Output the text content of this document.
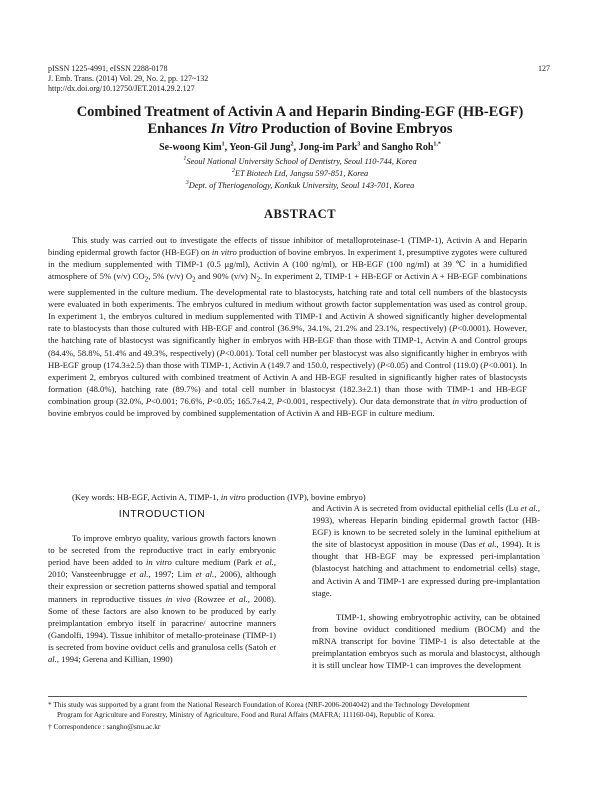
pISSN 1225-4991, eISSN 2288-0178
J. Emb. Trans. (2014) Vol. 29, No. 2, pp. 127~132
http://dx.doi.org/10.12750/JET.2014.29.2.127
127
Combined Treatment of Activin A and Heparin Binding-EGF (HB-EGF)
Enhances In Vitro Production of Bovine Embryos
Se-woong Kim$^1$, Yeon-Gil Jung$^2$, Jong-im Park$^3$ and Sangho Roh$^{1,*}$
$^1$Seoul National University School of Dentistry, Seoul 110-744, Korea
$^2$ET Biotech Ltd, Jangsu 597-851, Korea
$^3$Dept. of Theriogenology, Konkuk University, Seoul 143-701, Korea
ABSTRACT

This study was carried out to investigate the effects of tissue inhibitor of metalloproteinase-1 (TIMP-1), Activin A and Heparin binding epidermal growth factor (HB-EGF) on in vitro production of bovine embryos. In experiment 1, presumptive zygotes were cultured in the medium supplemented with TIMP-1 (0.5 μg/ml), Activin A (100 ng/ml), or HB-EGF (100 ng/ml) at 39 ℃ in a humidified atmosphere of 5% (v/v) $CO_2$, 5% (v/v) $O_2$ and 90% (v/v) $N_2$. In experiment 2, TIMP-1 + HB-EGF or Activin A + HB-EGF combinations were supplemented in the culture medium. The developmental rate to blastocysts, hatching rate and total cell numbers of the blastocysts were evaluated in both experiments. The embryos cultured in medium without growth factor supplementation was used as control group. In experiment 1, the embryos cultured in medium supplemented with TIMP-1 and Activin A showed significantly higher developmental rate to blastocysts than those cultured with HB-EGF and control (36.9%, 34.1%, 21.2% and 23.1%, respectively) (P<0.0001). However, the hatching rate of blastocyst was significantly higher in embryos with HB-EGF than those with TIMP-1, Actvin A and Control groups (84.4%, 58.8%, 51.4% and 49.3%, respectively) (P<0.001). Total cell number per blastocyst was also significantly higher in embryos with HB-EGF group (174.3±2.5) than those with TIMP-1, Activin A (149.7 and 150.0, respectively) (P<0.05) and Control (119.0) (P<0.001). In experiment 2, embryos cultured with combined treatment of Activin A and HB-EGF resulted in significantly higher rates of blastocysts formation (48.0%), hatching rate (89.7%) and total cell number in blastocyst (182.3±2.1) than those with TIMP-1 and HB-EGF combination group (32.0%, P<0.001; 76.6%, P<0.05; 165.7±4.2, P<0.001, respectively). Our data demonstrate that in vitro production of bovine embryos could be improved by combined supplementation of Activin A and HB-EGF in culture medium.

(Key words: HB-EGF, Activin A, TIMP-1, in vitro production (IVP), bovine embryo)

INTRODUCTION

To improve embryo quality, various growth factors known to be secreted from the reproductive tract in early embryonic period have been added to in vitro culture medium (Park et al., 2010; Vansteenbrugge et al., 1997; Lim et al., 2006), although their expression or secretion patterns showed spatial and temporal manners in reproductive tissues in vivo (Rowzee et al., 2008). Some of these factors are also known to be produced by early preimplantation embryo itself in paracrine/ autocrine manners (Gandolfi, 1994). Tissue inhibitor of metallo-proteinase (TIMP-1) is secreted from bovine oviduct cells and granulosa cells (Satoh et al., 1994; Gerena and Killian, 1990)

and Activin A is secreted from oviductal epithelial cells (Lu et al., 1993), whereas Heparin binding epidermal growth factor (HB-EGF) is known to be secreted solely in the luminal epithelium at the site of blastocyst apposition in mouse (Das et al., 1994). It is thought that HB-EGF may be expressed peri-implantation (blastocyst hatching and attachment to endometrial cells) stage, and Activin A and TIMP-1 are expressed during pre-implantation stage.

TIMP-1, showing embryotrophic activity, can be obtained from bovine oviduct conditioned medium (BOCM) and the mRNA transcript for bovine TIMP-1 is also detectable at the preimplantation embryos such as morula and blastocyst, although it is still unclear how TIMP-1 can improves the development

* This study was supported by a grant from the National Research Foundation of Korea (NRF-2006-2004042) and the Technology Development
Program for Agriculture and Forestry, Ministry of Agriculture, Food and Rural Affairs (MAFRA; 111160-04), Republic of Korea.
† Correspondence : sangho@snu.ac.kr
